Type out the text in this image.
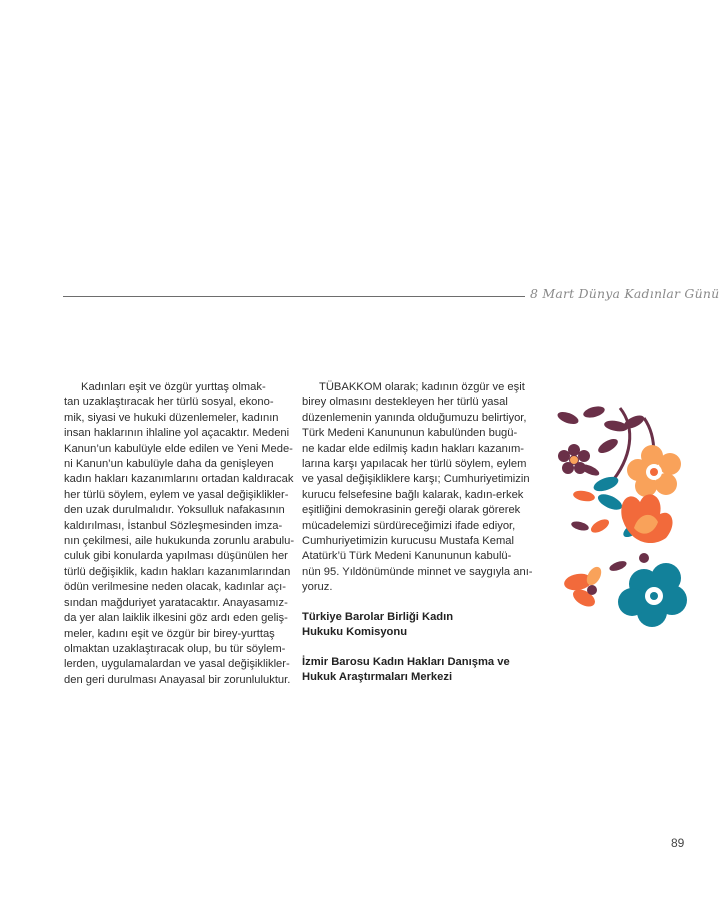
8 Mart Dünya Kadınlar Günü

Kadınları eşit ve özgür yurttaş olmak-
tan uzaklaştıracak her türlü sosyal, ekono-
mik, siyasi ve hukuki düzenlemeler, kadının
insan haklarının ihlaline yol açacaktır. Medeni
Kanun’un kabulüyle elde edilen ve Yeni Mede-
ni Kanun’un kabulüyle daha da genişleyen
kadın hakları kazanımlarını ortadan kaldıracak
her türlü söylem, eylem ve yasal değişiklikler-
den uzak durulmalıdır. Yoksulluk nafakasının
kaldırılması, İstanbul Sözleşmesinden imza-
nın çekilmesi, aile hukukunda zorunlu arabulu-
culuk gibi konularda yapılması düşünülen her
türlü değişiklik, kadın hakları kazanımlarından
ödün verilmesine neden olacak, kadınlar açı-
sından mağduriyet yaratacaktır. Anayasamız-
da yer alan laiklik ilkesini göz ardı eden geliş-
meler, kadını eşit ve özgür bir birey-yurttaş
olmaktan uzaklaştıracak olup, bu tür söylem-
lerden, uygulamalardan ve yasal değişiklikler-
den geri durulması Anayasal bir zorunluluktur.

TÜBAKKOM olarak; kadının özgür ve eşit
birey olmasını destekleyen her türlü yasal
düzenlemenin yanında olduğumuzu belirtiyor,
Türk Medeni Kanununun kabulünden bugü-
ne kadar elde edilmiş kadın hakları kazanım-
larına karşı yapılacak her türlü söylem, eylem
ve yasal değişikliklere karşı; Cumhuriyetimizin
kurucu felsefesine bağlı kalarak, kadın-erkek
eşitliğini demokrasinin gereği olarak görerek
mücadelemizi sürdüreceğimizi ifade ediyor,
Cumhuriyetimizin kurucusu Mustafa Kemal
Atatürk’ü Türk Medeni Kanununun kabulü-
nün 95. Yıldönümünde minnet ve saygıyla anı-
yoruz.

Türkiye Barolar Birliği Kadın
Hukuku Komisyonu

İzmir Barosu Kadın Hakları Danışma ve
Hukuk Araştırmaları Merkezi

89
